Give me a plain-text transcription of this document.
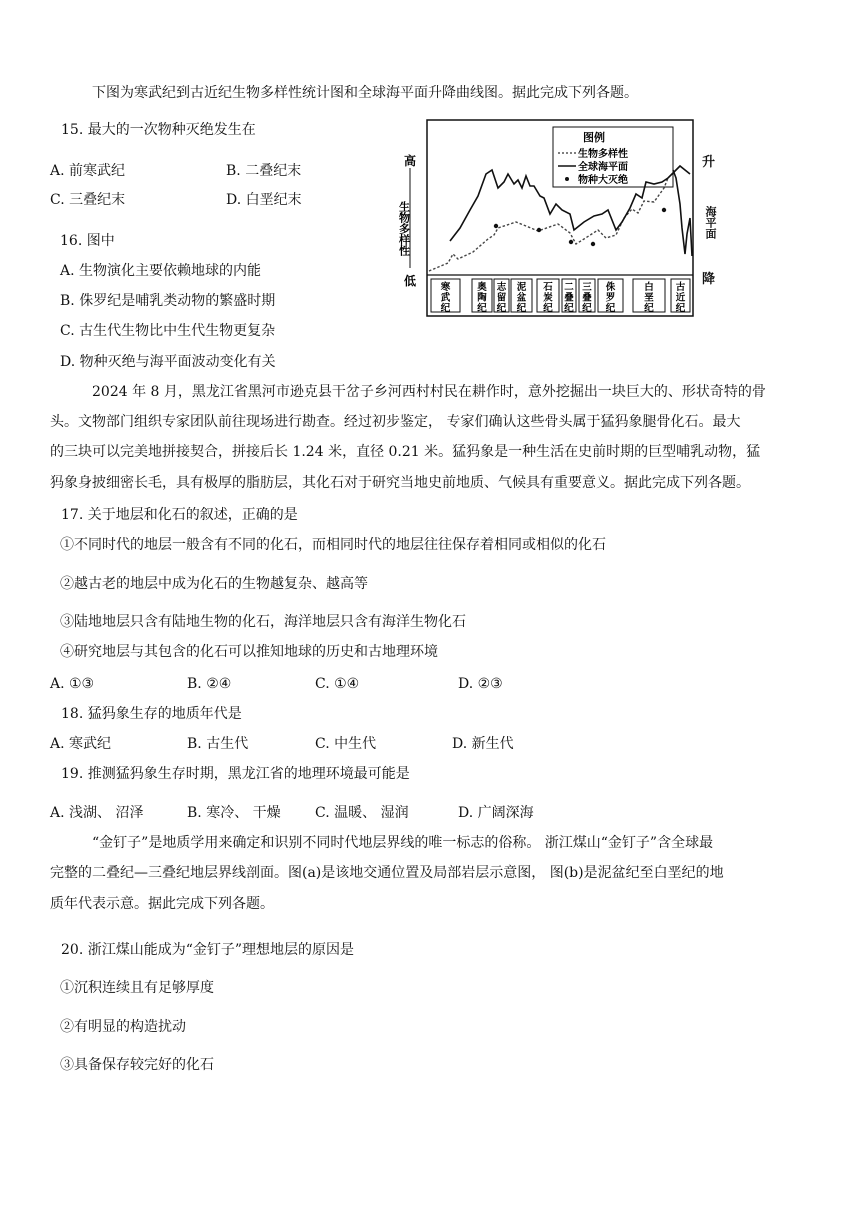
下图为寒武纪到古近纪生物多样性统计图和全球海平面升降曲线图。据此完成下列各题。
15. 最大的一次物种灭绝发生在
A. 前寒武纪	B. 二叠纪末
C. 三叠纪末	D. 白垩纪末
16. 图中
A. 生物演化主要依赖地球的内能
B. 侏罗纪是哺乳类动物的繁盛时期
C. 古生代生物比中生代生物更复杂
D. 物种灭绝与海平面波动变化有关
高
低
生物多样性
图例
生物多样性
全球海平面
物种大灭绝
寒
武
纪
奥
陶
纪
志
留
纪
泥
盆
纪
石
炭
纪
二
叠
纪
三
叠
纪
侏
罗
纪
白
垩
纪
古
近
纪
升
降
海平面
2024 年 8 月，黑龙江省黑河市逊克县干岔子乡河西村村民在耕作时，意外挖掘出一块巨大的、形状奇特的骨
头。文物部门组织专家团队前往现场进行勘查。经过初步鉴定， 专家们确认这些骨头属于猛犸象腿骨化石。最大
的三块可以完美地拼接契合，拼接后长 1.24 米，直径 0.21 米。猛犸象是一种生活在史前时期的巨型哺乳动物，猛
犸象身披细密长毛，具有极厚的脂肪层，其化石对于研究当地史前地质、气候具有重要意义。据此完成下列各题。
17. 关于地层和化石的叙述，正确的是
①不同时代的地层一般含有不同的化石，而相同时代的地层往往保存着相同或相似的化石
②越古老的地层中成为化石的生物越复杂、越高等
③陆地地层只含有陆地生物的化石，海洋地层只含有海洋生物化石
④研究地层与其包含的化石可以推知地球的历史和古地理环境
A. ①③	B. ②④	C. ①④	D. ②③
18. 猛犸象生存的地质年代是
A. 寒武纪	B. 古生代	C. 中生代	D. 新生代
19. 推测猛犸象生存时期，黑龙江省的地理环境最可能是
A. 浅湖、 沼泽	B. 寒冷、 干燥 C. 温暖、 湿润	D. 广阔深海
“金钉子”是地质学用来确定和识别不同时代地层界线的唯一标志的俗称。 浙江煤山“金钉子”含全球最
完整的二叠纪—三叠纪地层界线剖面。图(a)是该地交通位置及局部岩层示意图， 图(b)是泥盆纪至白垩纪的地
质年代表示意。据此完成下列各题。
20. 浙江煤山能成为“金钉子”理想地层的原因是
①沉积连续且有足够厚度
②有明显的构造扰动
③具备保存较完好的化石
